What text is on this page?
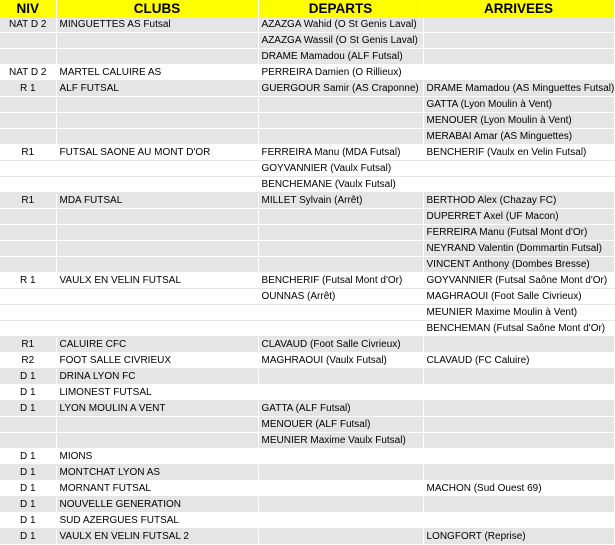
NIV	CLUBS	DEPARTS	ARRIVEES
NAT D 2	MINGUETTES AS Futsal	AZAZGA Wahid (O St Genis Laval)	
		AZAZGA Wassil (O St Genis Laval)	
		DRAME Mamadou (ALF Futsal)	
NAT D 2	MARTEL CALUIRE AS	PERREIRA Damien (O Rillieux)	
R 1	ALF FUTSAL	GUERGOUR Samir (AS Craponne)	DRAME Mamadou (AS Minguettes Futsal)
			GATTA (Lyon Moulin à Vent)
			MENOUER (Lyon Moulin à Vent)
			MERABAI Amar (AS Minguettes)
R1	FUTSAL SAONE AU MONT D'OR	FERREIRA Manu (MDA Futsal)	BENCHERIF (Vaulx en Velin Futsal)
		GOYVANNIER (Vaulx Futsal)	
		BENCHEMANE (Vaulx Futsal)	
R1	MDA FUTSAL	MILLET Sylvain (Arrêt)	BERTHOD Alex (Chazay FC)
			DUPERRET Axel (UF Macon)
			FERREIRA Manu (Futsal Mont d'Or)
			NEYRAND Valentin (Dommartin Futsal)
			VINCENT Anthony (Dombes Bresse)
R 1	VAULX EN VELIN FUTSAL	BENCHERIF (Futsal Mont d'Or)	GOYVANNIER (Futsal Saône Mont d'Or)
		OUNNAS (Arrêt)	MAGHRAOUI (Foot Salle Civrieux)
			MEUNIER Maxime Moulin à Vent)
			BENCHEMAN (Futsal Saône Mont d'Or)
R1	CALUIRE CFC	CLAVAUD (Foot Salle Civrieux)	
R2	FOOT SALLE CIVRIEUX	MAGHRAOUI (Vaulx Futsal)	CLAVAUD (FC Caluire)
D 1	DRINA LYON FC		
D 1	LIMONEST FUTSAL		
D 1	LYON MOULIN A VENT	GATTA (ALF Futsal)	
		MENOUER (ALF Futsal)	
		MEUNIER Maxime Vaulx Futsal)	
D 1	MIONS		
D 1	MONTCHAT LYON AS		
D 1	MORNANT FUTSAL		MACHON (Sud Ouest 69)
D 1	NOUVELLE GENERATION		
D 1	SUD AZERGUES FUTSAL		
D 1	VAULX EN VELIN FUTSAL 2		LONGFORT (Reprise)
